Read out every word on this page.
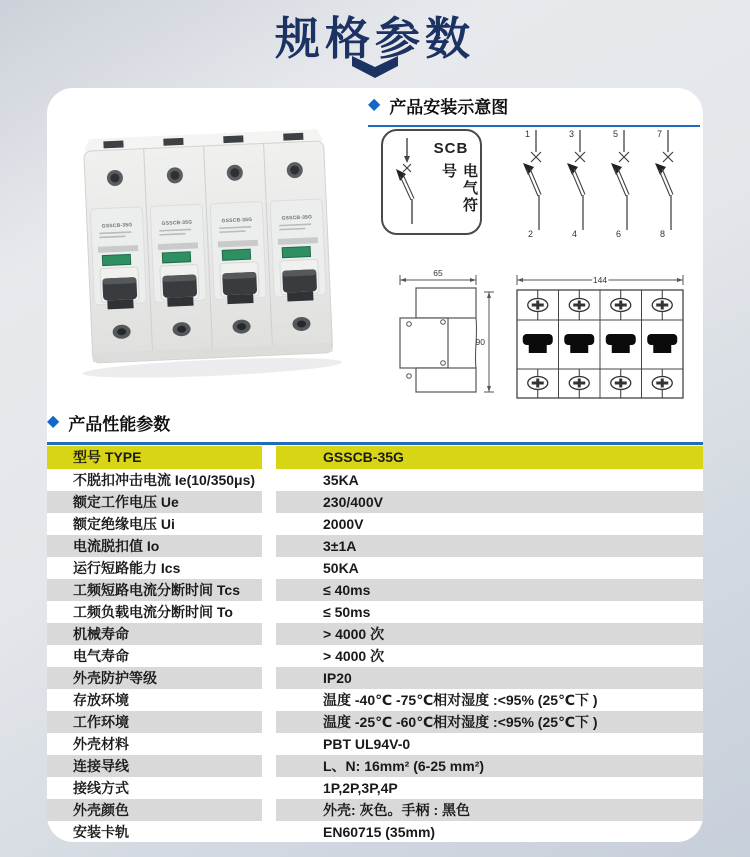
规格参数
GSSCB-35G	GSSCB-35G	GSSCB-35G	GSSCB-35G
◆ 产品安装示意图
SCB
电气符号
1
2
3
4
5
6
7
8
65
90
144
◆ 产品性能参数
型号 TYPE	GSSCB-35G
不脱扣冲击电流 Ie(10/350μs)	35KA
额定工作电压 Ue	230/400V
额定绝缘电压 Ui	2000V
电流脱扣值 Io	3±1A
运行短路能力 Ics	50KA
工频短路电流分断时间 Tcs	≤ 40ms
工频负载电流分断时间 To	≤ 50ms
机械寿命	> 4000 次
电气寿命	> 4000 次
外壳防护等级	IP20
存放环境	温度 -40℃ -75℃相对湿度 :<95% (25℃下 )
工作环境	温度 -25℃ -60℃相对湿度 :<95% (25℃下 )
外壳材料	PBT UL94V-0
连接导线	L、N: 16mm² (6-25 mm²)
接线方式	1P,2P,3P,4P
外壳颜色	外壳: 灰色。手柄 : 黑色
安装卡轨	EN60715 (35mm)
